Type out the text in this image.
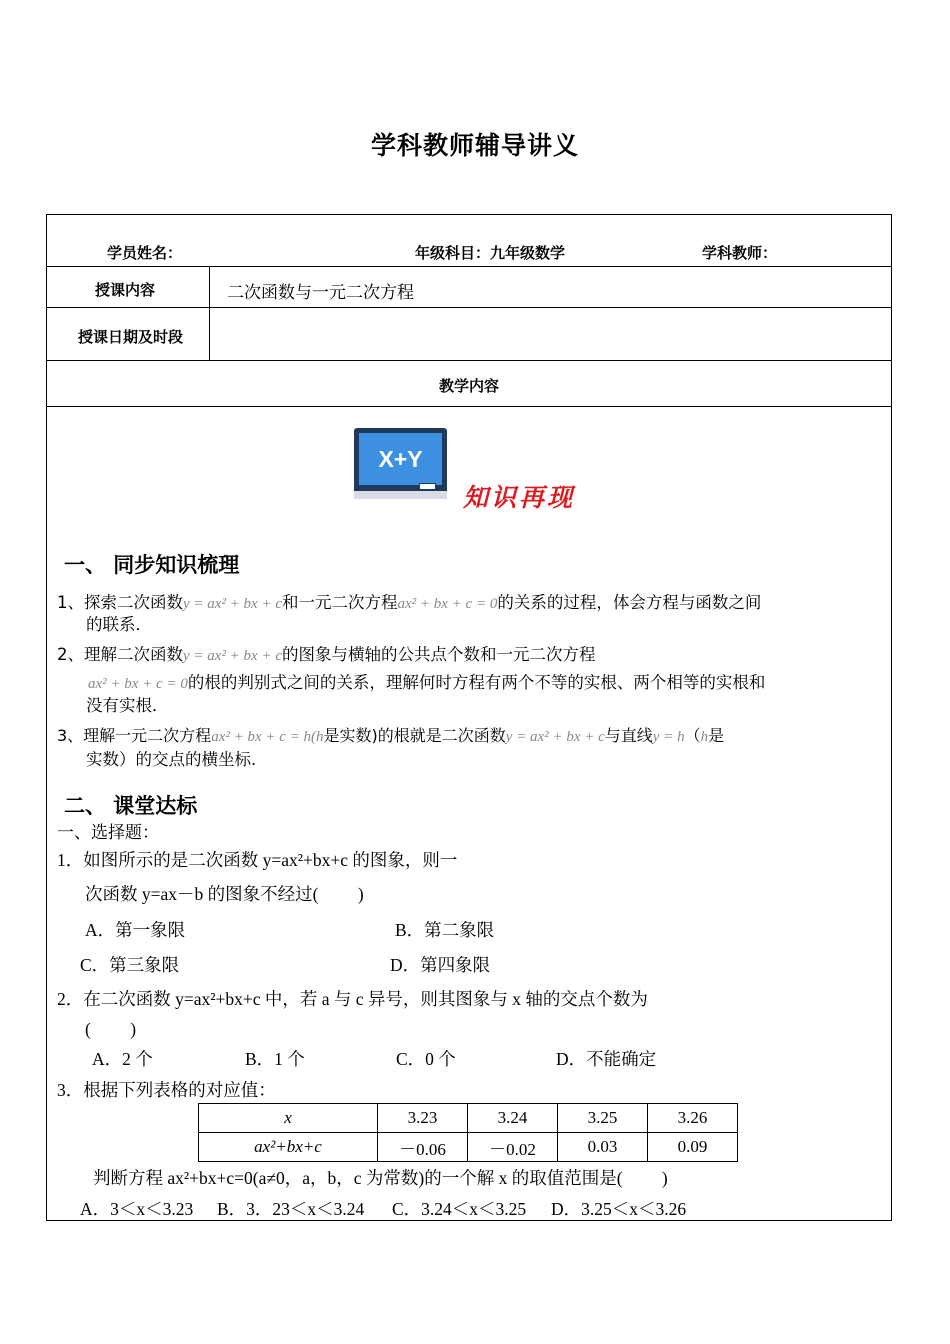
学科教师辅导讲义
学员姓名：	年级科目：九年级数学	学科教师：
授课内容	二次函数与一元二次方程
授课日期及时段
教学内容
X+Y
知识再现
一、 同步知识梳理
1、探索二次函数y = ax² + bx + c和一元二次方程ax² + bx + c = 0的关系的过程，体会方程与函数之间
的联系．
2、理解二次函数y = ax² + bx + c的图象与横轴的公共点个数和一元二次方程
ax² + bx + c = 0的根的判别式之间的关系，理解何时方程有两个不等的实根、两个相等的实根和
没有实根．
3、理解一元二次方程ax² + bx + c = h(h是实数)的根就是二次函数y = ax² + bx + c与直线y = h（h是
实数）的交点的横坐标.
二、 课堂达标
一、选择题：
1．如图所示的是二次函数 y=ax²+bx+c 的图象，则一
次函数 y=ax－b 的图象不经过(　　 )
A．第一象限	B．第二象限
C．第三象限	D．第四象限
2．在二次函数 y=ax²+bx+c 中，若 a 与 c 异号，则其图象与 x 轴的交点个数为
(　　 )
A．2 个	B．1 个	C．0 个	D．不能确定
3．根据下列表格的对应值：
x	3.23	3.24	3.25	3.26
ax²+bx+c	－0.06	－0.02	0.03	0.09
判断方程 ax²+bx+c=0(a≠0，a，b，c 为常数)的一个解 x 的取值范围是(　　 )
A．3＜x＜3.23 B．3．23＜x＜3.24 C．3.24＜x＜3.25 D．3.25＜x＜3.26
